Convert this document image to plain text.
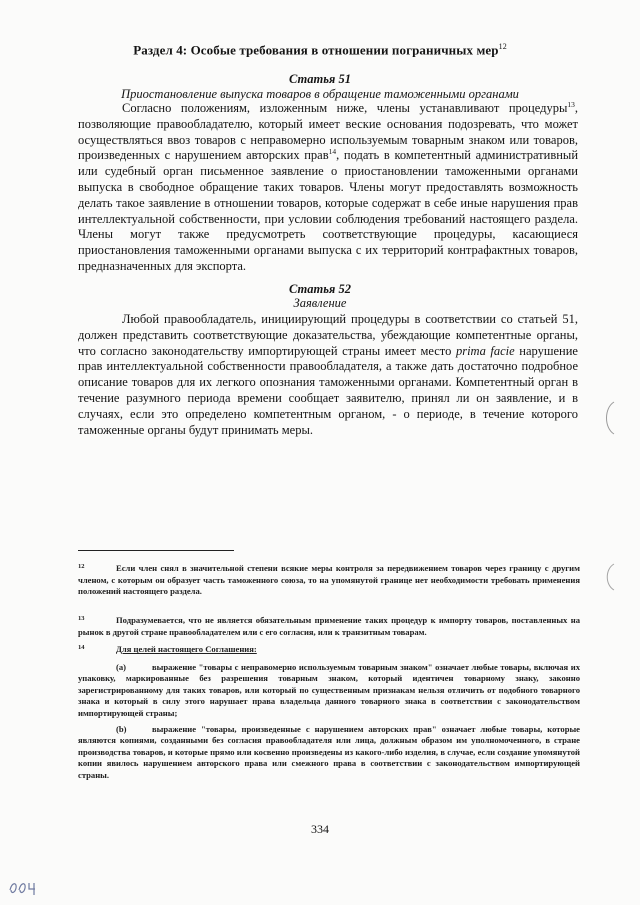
Раздел 4: Особые требования в отношении пограничных мер$^{12}$
Статья 51
Приостановление выпуска товаров в обращение таможенными органами

Согласно положениям, изложенным ниже, члены устанавливают процедуры$^{13}$, позволяющие правообладателю, который имеет веские основания подозревать, что может осуществляться ввоз товаров с неправомерно используемым товарным знаком или товаров, произведенных с нарушением авторских прав$^{14}$, подать в компетентный административный или судебный орган письменное заявление о приостановлении таможенными органами выпуска в свободное обращение таких товаров. Члены могут предоставлять возможность делать такое заявление в отношении товаров, которые содержат в себе иные нарушения прав интеллектуальной собственности, при условии соблюдения требований настоящего раздела. Члены могут также предусмотреть соответствующие процедуры, касающиеся приостановления таможенными органами выпуска с их территорий контрафактных товаров, предназначенных для экспорта.

Статья 52
Заявление

Любой правообладатель, инициирующий процедуры в соответствии со статьей 51, должен представить соответствующие доказательства, убеждающие компетентные органы, что согласно законодательству импортирующей страны имеет место prima facie нарушение прав интеллектуальной собственности правообладателя, а также дать достаточно подробное описание товаров для их легкого опознания таможенными органами. Компетентный орган в течение разумного периода времени сообщает заявителю, принял ли он заявление, и в случаях, если это определено компетентным органом, - о периоде, в течение которого таможенные органы будут принимать меры.

12	Если член снял в значительной степени всякие меры контроля за передвижением товаров через границу с другим членом, с которым он образует часть таможенного союза, то на упомянутой границе нет необходимости требовать применения положений настоящего раздела.
13	Подразумевается, что не является обязательным применение таких процедур к импорту товаров, поставленных на рынок в другой стране правообладателем или с его согласия, или к транзитным товарам.
14	Для целей настоящего Соглашения:
(a)	выражение "товары с неправомерно используемым товарным знаком" означает любые товары, включая их упаковку, маркированные без разрешения товарным знаком, который идентичен товарному знаку, законно зарегистрированному для таких товаров, или который по существенным признакам нельзя отличить от подобного товарного знака и который в силу этого нарушает права владельца данного товарного знака в соответствии с законодательством импортирующей страны;
(b)	выражение "товары, произведенные с нарушением авторских прав" означает любые товары, которые являются копиями, созданными без согласия правообладателя или лица, должным образом им уполномоченного, в стране производства товаров, и которые прямо или косвенно произведены из какого-либо изделия, в случае, если создание упомянутой копии явилось нарушением авторского права или смежного права в соответствии с законодательством импортирующей страны.
334
